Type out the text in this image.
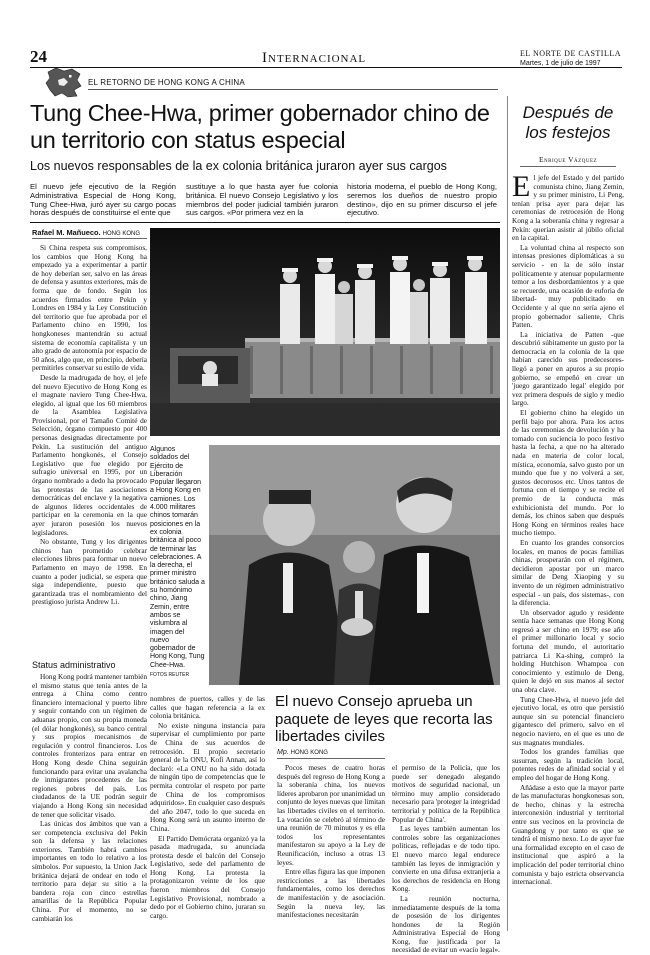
24	Internacional	EL NORTE DE CASTILLA
Martes, 1 de julio de 1997
EL RETORNO DE HONG KONG A CHINA
Tung Chee-Hwa, primer gobernador chino de un territorio con status especial
Los nuevos responsables de la ex colonia británica juraron ayer sus cargos
El nuevo jefe ejecutivo de la Región Administrativa Especial de Hong Kong, Tung Chee-Hwa, juró ayer su cargo pocas horas después de constituirse el ente que
sustituye a lo que hasta ayer fue colonia británica. El nuevo Consejo Legislativo y los miembros del poder judicial también juraron sus cargos. «Por primera vez en la
historia moderna, el pueblo de Hong Kong, seremos los dueños de nuestro propio destino», dijo en su primer discurso el jefe ejecutivo.
Rafael M. Mañueco. HONG KONG

Si China respeta sus compromisos, los cambios que Hong Kong ha empezado ya a experimentar a partir de hoy deberían ser, salvo en las áreas de defensa y asuntos exteriores, más de forma que de fondo. Según los acuerdos firmados entre Pekín y Londres en 1984 y la Ley Constitución del territorio que fue aprobada por el Parlamento chino en 1990, los hongkoneses mantendrán su actual sistema de economía capitalista y un alto grado de autonomía por espacio de 50 años, algo que, en principio, debería permitirles conservar su estilo de vida.

Desde la madrugada de hoy, el jefe del nuevo Ejecutivo de Hong Kong es el magnate naviero Tung Chee-Hwa, elegido, al igual que los 60 miembros de la Asamblea Legislativa Provisional, por el Tamaño Comité de Selección, órgano compuesto por 400 personas designadas directamente por Pekín. La sustitución del antiguo Parlamento hongkonés, el Consejo Legislativo que fue elegido por sufragio universal en 1995, por un órgano nombrado a dedo ha provocado las protestas de las asociaciones democráticas del enclave y la negativa de algunos líderes occidentales de participar en la ceremonia en la que ayer juraron posesión los nuevos legisladores.

No obstante, Tung y los dirigentes chinos han prometido celebrar elecciones libres para formar un nuevo Parlamento en mayo de 1998. En cuanto a poder judicial, se espera que siga independiente, puesto que garantizada tras el nombramiento del prestigioso jurista Andrew Li.

Status administrativo

Hong Kong podrá mantener también el mismo status que tenía antes de la entrega a China como centro financiero internacional y puerto libre y seguir contando con un régimen de aduanas propio, con su propia moneda (el dólar hongkonés), su banco central y sus propios mecanismos de regulación y control financieros. Los controles fronterizos para entrar en Hong Kong desde China seguirán funcionando para evitar una avalancha de inmigrantes procedentes de las regiones pobres del país. Los ciudadanos de la UE podrán seguir viajando a Hong Kong sin necesidad de tener que solicitar visado.

Las únicas dos ámbitos que van a ser competencia exclusiva del Pekín son la defensa y las relaciones exteriores. También habrá cambios importantes en todo lo relativo a los símbolos. Por supuesto, la Union Jack británica dejará de ondear en todo el territorio para dejar su sitio a la bandera roja con cinco estrellas amarillas de la República Popular China. Por el momento, no se cambiarán los

Algunos soldados del Ejército de Liberación Popular llegaron a Hong Kong en camiones. Los 4.000 militares chinos tomarán posiciones en la ex colonia británica al poco de terminar las celebraciones. A la derecha, el primer ministro británico saluda a su homónimo chino, Jiang Zemin, entre ambos se vislumbra al imagen del nuevo gobernador de Hong Kong, Tung Chee-Hwa.
FOTOS REUTER

nombres de puertos, calles y de las calles que hagan referencia a la ex colonia británica.

No existe ninguna instancia para supervisar el cumplimiento por parte de China de sus acuerdos de retrocesión. El propio secretario general de la ONU, Kofi Annan, así lo declaró: «La ONU no ha sido dotada de ningún tipo de competencias que le permita controlar el respeto por parte de China de los compromisos adquiridos». En cualquier caso después del año 2047, todo lo que suceda en Hong Kong será un asunto interno de China.

El Partido Demócrata organizó ya la pasada madrugada, su anunciada protesta desde el balcón del Consejo Legislativo, sede del parlamento de Hong Kong. La protesta la protagonizaron veinte de los que fueron miembros del Consejo Legislativo Provisional, nombrado a dedo por el Gobierno chino, juraran su cargo.

El nuevo Consejo aprueba un paquete de leyes que recorta las libertades civiles
Mp. HONG KONG

Pocos meses de cuatro horas después del regreso de Hong Kong a la soberanía china, los nuevos líderes aprobaron por unanimidad un conjunto de leyes nuevas que limitan las libertades civiles en el territorio. La votación se celebró al término de una reunión de 70 minutos y es ella todos los representantes manifestaron su apoyo a la Ley de Reunificación, incluso a otras 13 leyes.

Entre ellas figura las que imponen restricciones a las libertades fundamentales, como los derechos de manifestación y de asociación. Según la nueva ley, las manifestaciones necesitarán

el permiso de la Policía, que los puede ser denegado alegando motivos de seguridad nacional, un término muy amplio considerado necesario para 'proteger la integridad territorial y política de la República Popular de China'.

Las leyes también aumentan los controles sobre las organizaciones políticas, reflejadas e de todo tipo. El nuevo marco legal endurece también las leyes de inmigración y convierte en una difusa extranjeria a los derechos de residencia en Hong Kong.

La reunión nocturna, inmediatamente después de la toma de posesión de los dirigentes hondones de la Región Administrativa Especial de Hong Kong, fue justificada por la necesidad de evitar un «vacío legal».

Después de los festejos
Enrique Vázquez

El jefe del Estado y del partido comunista chino, Jiang Zemin, y su primer ministro, Li Peng, tenían prisa ayer para dejar las ceremonias de retrocesión de Hong Kong a la soberanía china y regresar a Pekín: querían asistir al júbilo oficial en la capital.

La voluntad china al respecto son intensas presiones diplomáticas a su servicio - en la de sólo instar políticamente y atenuar popularmente temor a los desbordamientos y a que se recuerde, una ocasión de euforia de libertad- muy publicitado en Occidente y al que no sería ajeno el propio gobernador saliente, Chris Patten.

La iniciativa de Patten -que descubrió súbitamente un gusto por la democracia en la colonia de la que habían carecido sus predecesores- llegó a poner en apuros a su propio gobierno, se empeñó en crear un 'juego garantizado legal' elegido por vez primera después de siglo y medio largo.

El gobierno chino ha elegido un perfil bajo por ahora. Para los actos de las ceremonias de devolución y ha tomado con suciencia lo poco festivo hasta la fecha, a que no ha alterado nada en materia de color local, mística, economía, salvo gusto por un mundo que fue y no volverá a ser, gustos decorosos etc. Unos tantos de fortuna con el tiempo y se recite el premio de la conducta más exhibicionista del mundo. Por lo demás, los chinos saben que después Hong Kong en términos reales hace mucho tiempo.

En cuanto los grandes consorcios locales, en manos de pocas familias chinas, prosperarán con el régimen, decidieron apostar por un marco similar de Deng Xiaoping y su invento de un régimen administrativo especial - un país, dos sistemas-, con la diferencia.

Un observador agudo y residente sentía hace semanas que Hong Kong regresó a ser chino en 1979; ese año el primer millonario local y socio fortuna del mundo, el autoritario patriarca Li Ka-shing, compró la holding Hutchison Whampoa con conocimiento y estímulo de Deng, quien le dejó en sus manos al sector una obra clave.

Tung Chee-Hwa, el nuevo jefe del ejecutivo local, es otro que persistió aunque sin su potencial financiero gigantesco del primero, salvo en el negocio naviero, en el que es uno de sus magnates mundiales.

Todos los grandes familias que susurran, según la tradición local, potentes redes de afinidad social y el empleo del hogar de Hong Kong.

Añádase a esto que la mayor parte de las manufacturas hongkonesas son, de hecho, chinas y la estrecha interconexión industrial y territorial entre sus vecinos en la provincia de Guangdong y por tanto es que se tendrá el mismo nexo. Lo de ayer fue una formalidad excepto en el caso de institucional que aspiró a la implicación del poder territorial chino comunista y bajo estricta observancia internacional.
